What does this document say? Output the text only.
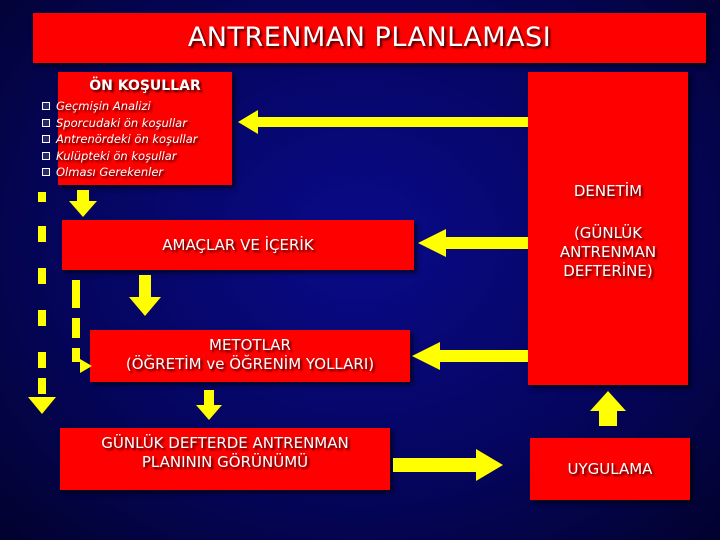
ANTRENMAN PLANLAMASI
ÖN KOŞULLAR
Geçmişin Analizi
Sporcudaki ön koşullar
Antrenördeki ön koşullar
Kulüpteki ön koşullar
Olması Gerekenler
AMAÇLAR VE İÇERİK
METOTLAR
(ÖĞRETİM ve ÖĞRENİM YOLLARI)
GÜNLÜK DEFTERDE ANTRENMAN
PLANININ GÖRÜNÜMÜ
DENETİM
(GÜNLÜK
ANTRENMAN
DEFTERİNE)
UYGULAMA
